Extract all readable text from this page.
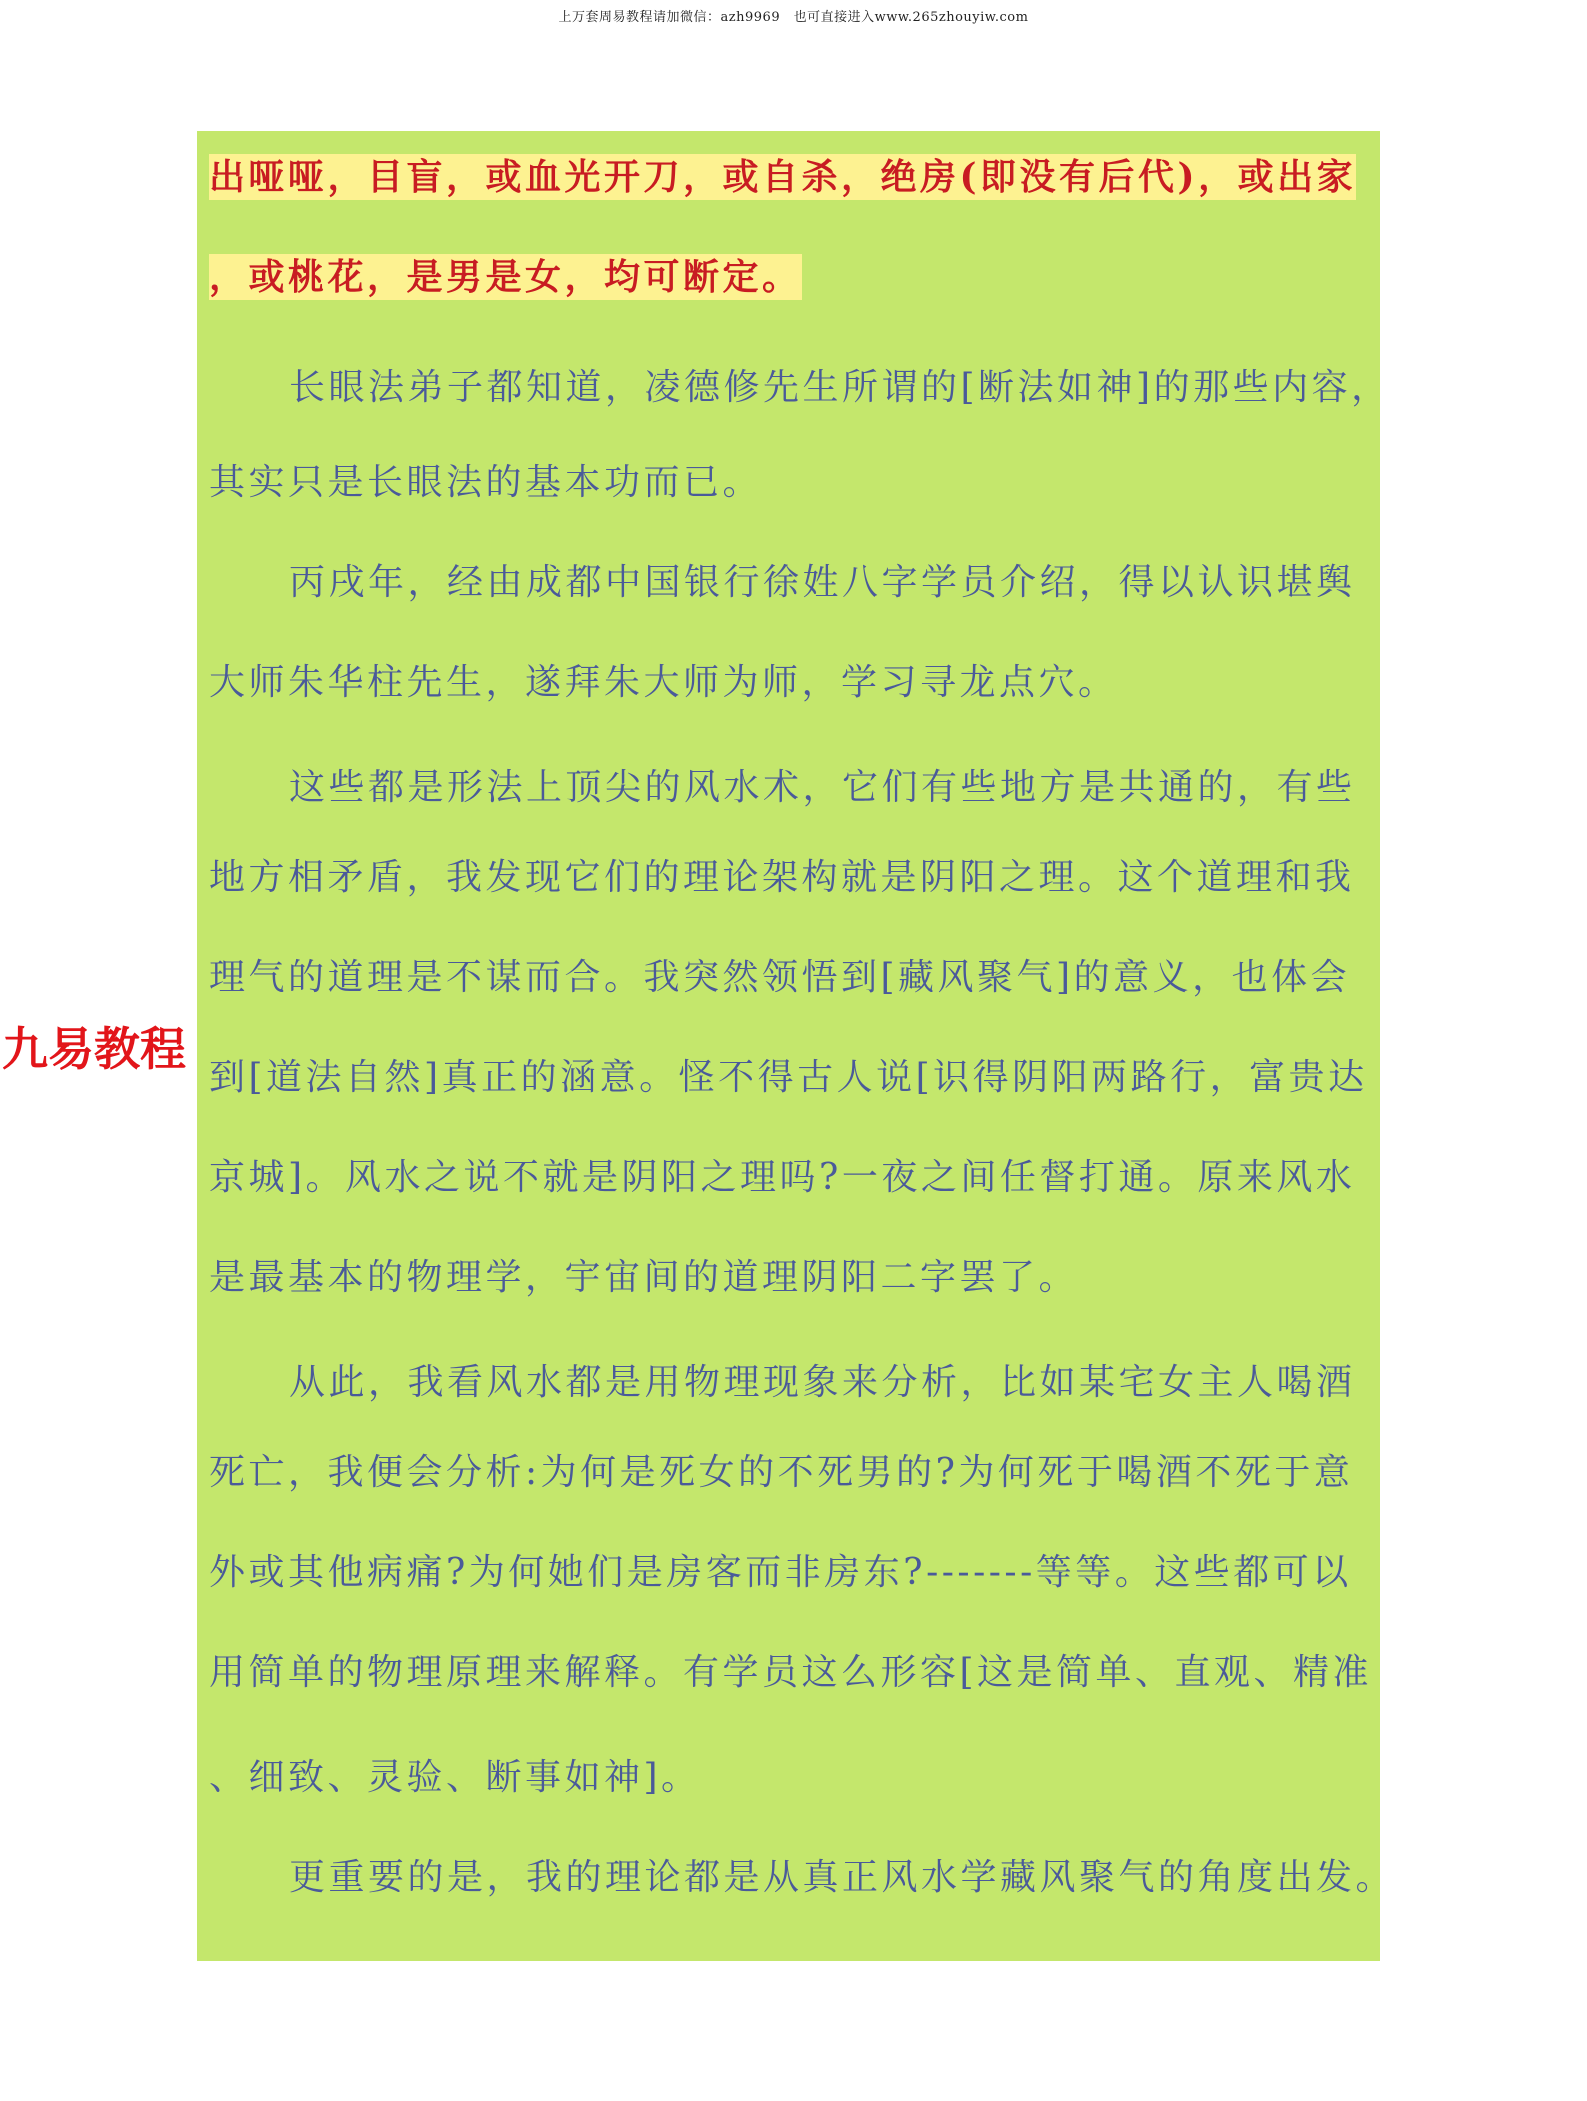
上万套周易教程请加微信：azh9969　也可直接进入www.265zhouyiw.com
出哑哑，目盲，或血光开刀，或自杀，绝房(即没有后代)，或出家
，或桃花，是男是女，均可断定。
长眼法弟子都知道，凌德修先生所谓的[断法如神]的那些内容，
其实只是长眼法的基本功而已。
丙戌年，经由成都中国银行徐姓八字学员介绍，得以认识堪舆
大师朱华柱先生，遂拜朱大师为师，学习寻龙点穴。
这些都是形法上顶尖的风水术，它们有些地方是共通的，有些
地方相矛盾，我发现它们的理论架构就是阴阳之理。这个道理和我
理气的道理是不谋而合。我突然领悟到[藏风聚气]的意义，也体会
到[道法自然]真正的涵意。怪不得古人说[识得阴阳两路行，富贵达
京城]。风水之说不就是阴阳之理吗?一夜之间任督打通。原来风水
是最基本的物理学，宇宙间的道理阴阳二字罢了。
从此，我看风水都是用物理现象来分析，比如某宅女主人喝酒
死亡，我便会分析:为何是死女的不死男的?为何死于喝酒不死于意
外或其他病痛?为何她们是房客而非房东?-------等等。这些都可以
用简单的物理原理来解释。有学员这么形容[这是简单、直观、精准
、细致、灵验、断事如神]。
更重要的是，我的理论都是从真正风水学藏风聚气的角度出发。
九易教程
